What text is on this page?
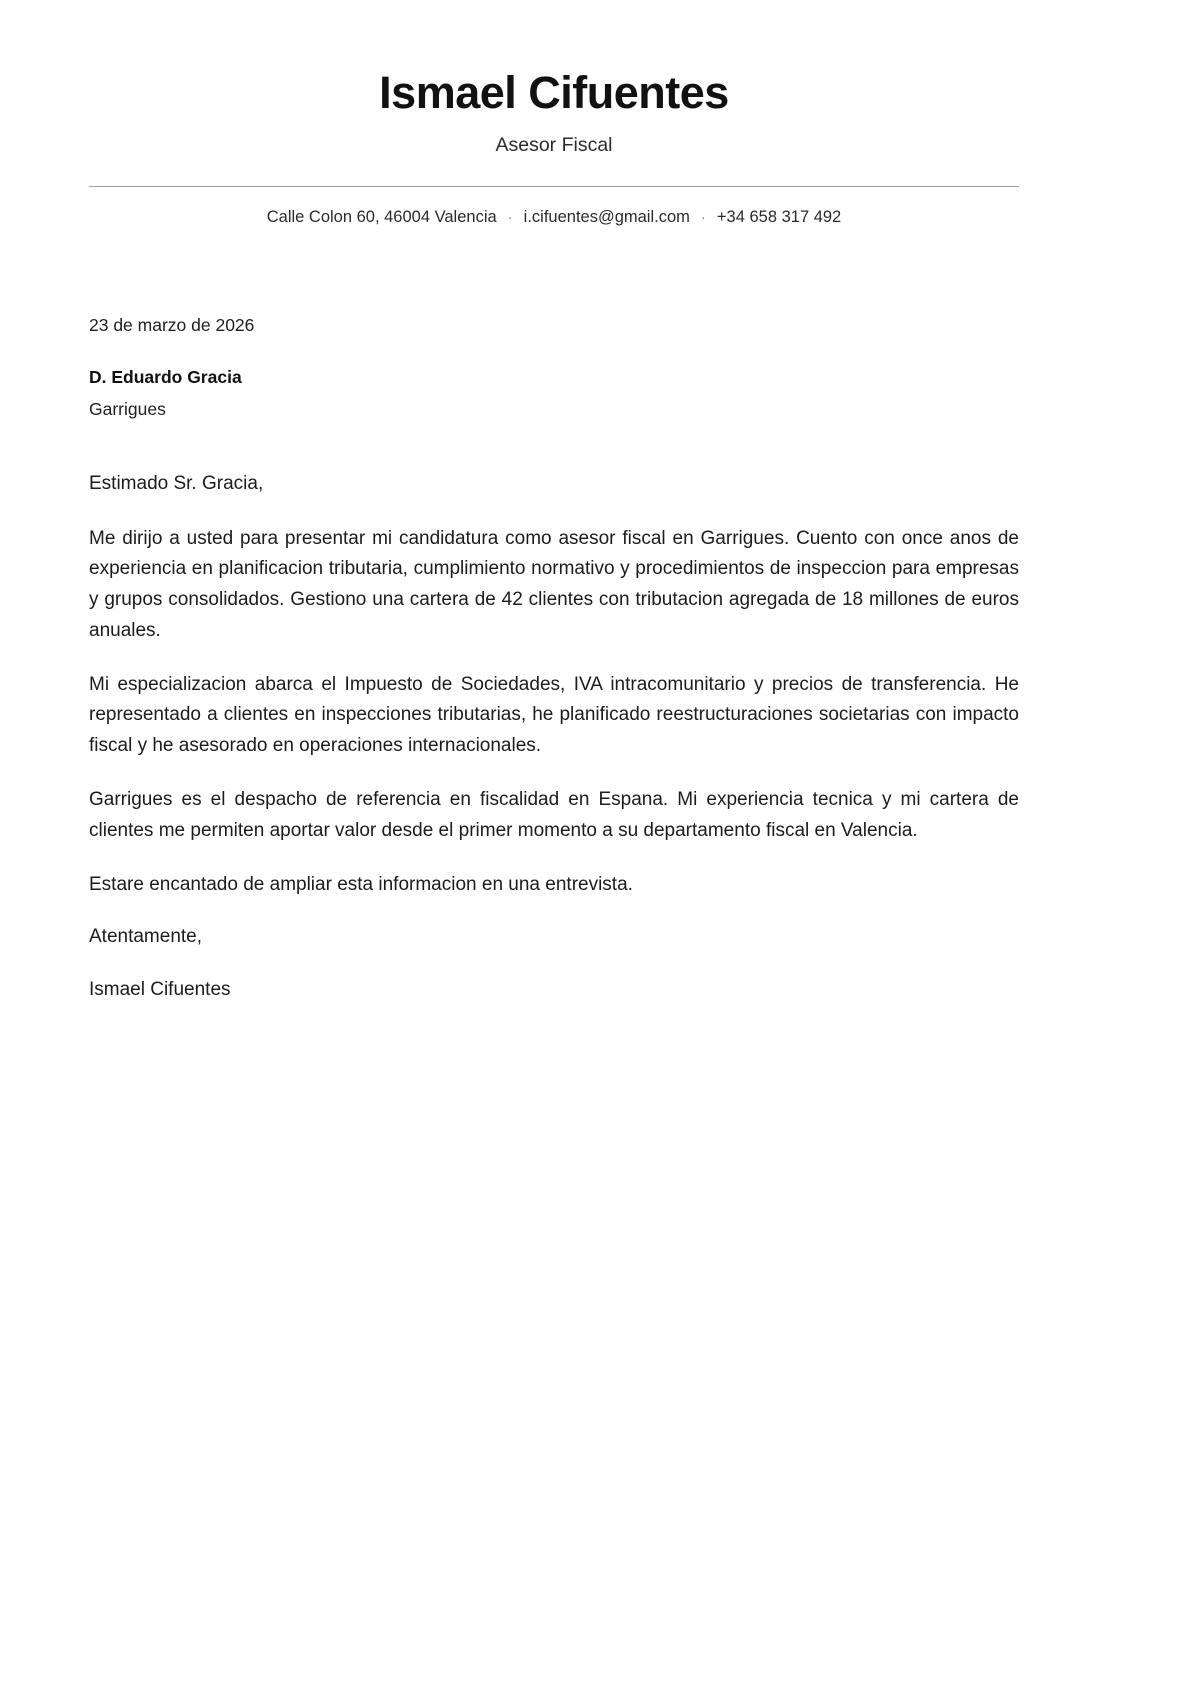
Ismael Cifuentes
Asesor Fiscal
Calle Colon 60, 46004 Valencia · i.cifuentes@gmail.com · +34 658 317 492
23 de marzo de 2026
D. Eduardo Gracia
Garrigues
Estimado Sr. Gracia,

Me dirijo a usted para presentar mi candidatura como asesor fiscal en Garrigues. Cuento con once anos de experiencia en planificacion tributaria, cumplimiento normativo y procedimientos de inspeccion para empresas y grupos consolidados. Gestiono una cartera de 42 clientes con tributacion agregada de 18 millones de euros anuales.

Mi especializacion abarca el Impuesto de Sociedades, IVA intracomunitario y precios de transferencia. He representado a clientes en inspecciones tributarias, he planificado reestructuraciones societarias con impacto fiscal y he asesorado en operaciones internacionales.

Garrigues es el despacho de referencia en fiscalidad en Espana. Mi experiencia tecnica y mi cartera de clientes me permiten aportar valor desde el primer momento a su departamento fiscal en Valencia.

Estare encantado de ampliar esta informacion en una entrevista.

Atentamente,
Ismael Cifuentes
